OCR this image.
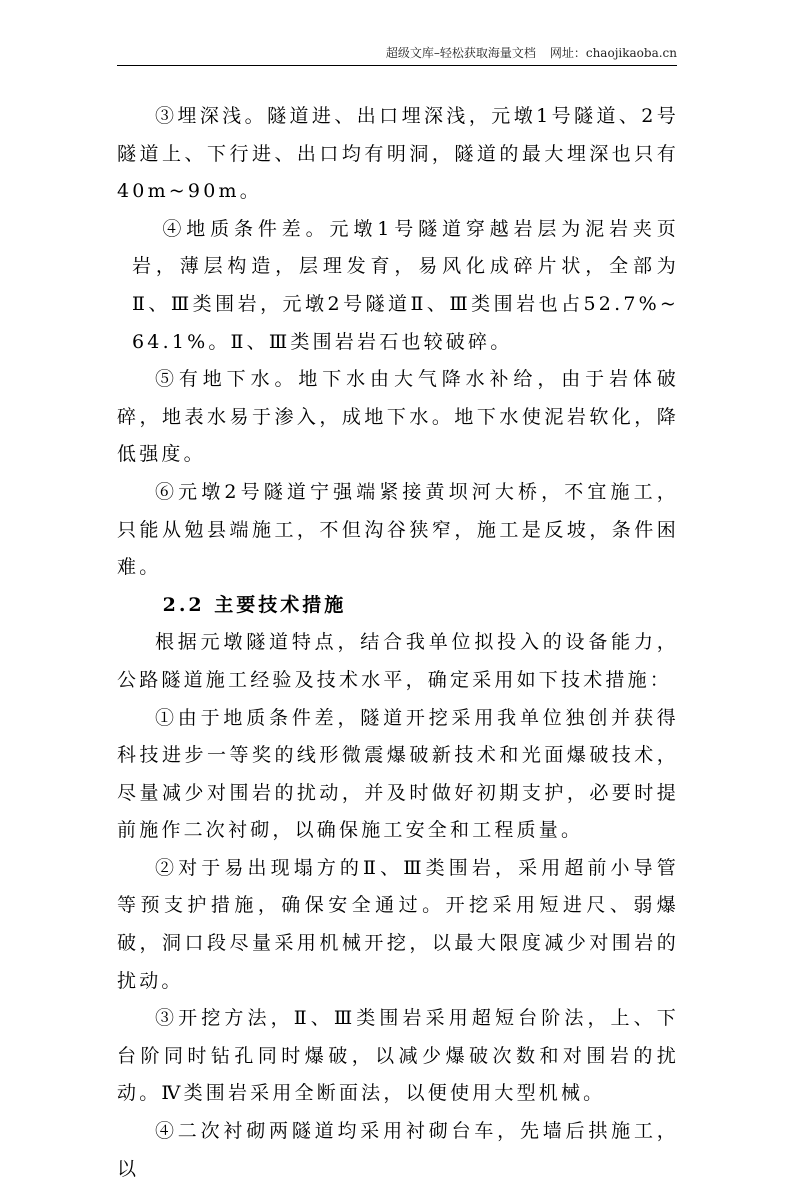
超级文库–轻松获取海量文档 网址：chaojikaoba.cn

③埋深浅。隧道进、出口埋深浅，元墩1号隧道、2号隧道上、下行进、出口均有明洞，隧道的最大埋深也只有40m~90m。

④地质条件差。元墩1号隧道穿越岩层为泥岩夹页岩，薄层构造，层理发育，易风化成碎片状，全部为Ⅱ、Ⅲ类围岩，元墩2号隧道Ⅱ、Ⅲ类围岩也占52.7%~64.1%。Ⅱ、Ⅲ类围岩岩石也较破碎。

⑤有地下水。地下水由大气降水补给，由于岩体破碎，地表水易于渗入，成地下水。地下水使泥岩软化，降低强度。

⑥元墩2号隧道宁强端紧接黄坝河大桥，不宜施工，只能从勉县端施工，不但沟谷狭窄，施工是反坡，条件困难。

2.2 主要技术措施

根据元墩隧道特点，结合我单位拟投入的设备能力，公路隧道施工经验及技术水平，确定采用如下技术措施：

①由于地质条件差，隧道开挖采用我单位独创并获得科技进步一等奖的线形微震爆破新技术和光面爆破技术，尽量减少对围岩的扰动，并及时做好初期支护，必要时提前施作二次衬砌，以确保施工安全和工程质量。

②对于易出现塌方的Ⅱ、Ⅲ类围岩，采用超前小导管等预支护措施，确保安全通过。开挖采用短进尺、弱爆破，洞口段尽量采用机械开挖，以最大限度减少对围岩的扰动。

③开挖方法，Ⅱ、Ⅲ类围岩采用超短台阶法，上、下台阶同时钻孔同时爆破，以减少爆破次数和对围岩的扰动。Ⅳ类围岩采用全断面法，以便使用大型机械。

④二次衬砌两隧道均采用衬砌台车，先墙后拱施工，以
